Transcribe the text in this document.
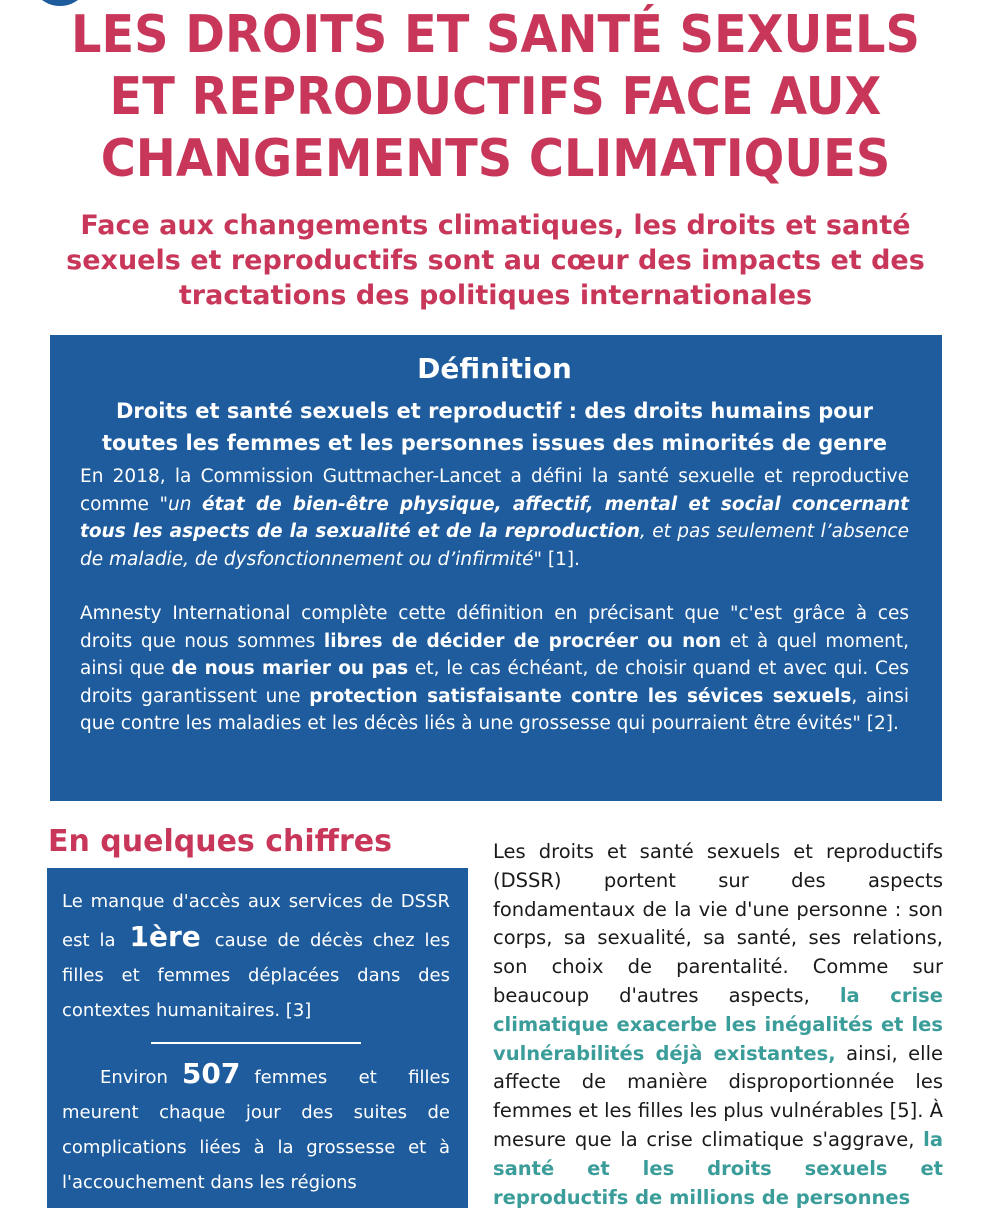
LES DROITS ET SANTÉ SEXUELS ET REPRODUCTIFS FACE AUX CHANGEMENTS CLIMATIQUES

Face aux changements climatiques, les droits et santé sexuels et reproductifs sont au cœur des impacts et des tractations des politiques internationales

Définition

Droits et santé sexuels et reproductif : des droits humains pour toutes les femmes et les personnes issues des minorités de genre

En 2018, la Commission Guttmacher-Lancet a défini la santé sexuelle et reproductive comme "un état de bien-être physique, affectif, mental et social concernant tous les aspects de la sexualité et de la reproduction, et pas seulement l’absence de maladie, de dysfonctionnement ou d’infirmité" [1].

Amnesty International complète cette définition en précisant que "c'est grâce à ces droits que nous sommes libres de décider de procréer ou non et à quel moment, ainsi que de nous marier ou pas et, le cas échéant, de choisir quand et avec qui. Ces droits garantissent une protection satisfaisante contre les sévices sexuels, ainsi que contre les maladies et les décès liés à une grossesse qui pourraient être évités" [2].

En quelques chiffres

Le manque d'accès aux services de DSSR est la 1ère cause de décès chez les filles et femmes déplacées dans des contextes humanitaires. [3]

Environ 507 femmes et filles meurent chaque jour des suites de complications liées à la grossesse et à l'accouchement dans les régions

Les droits et santé sexuels et reproductifs (DSSR) portent sur des aspects fondamentaux de la vie d'une personne : son corps, sa sexualité, sa santé, ses relations, son choix de parentalité. Comme sur beaucoup d'autres aspects, la crise climatique exacerbe les inégalités et les vulnérabilités déjà existantes, ainsi, elle affecte de manière disproportionnée les femmes et les filles les plus vulnérables [5]. À mesure que la crise climatique s'aggrave, la santé et les droits sexuels et reproductifs de millions de personnes
